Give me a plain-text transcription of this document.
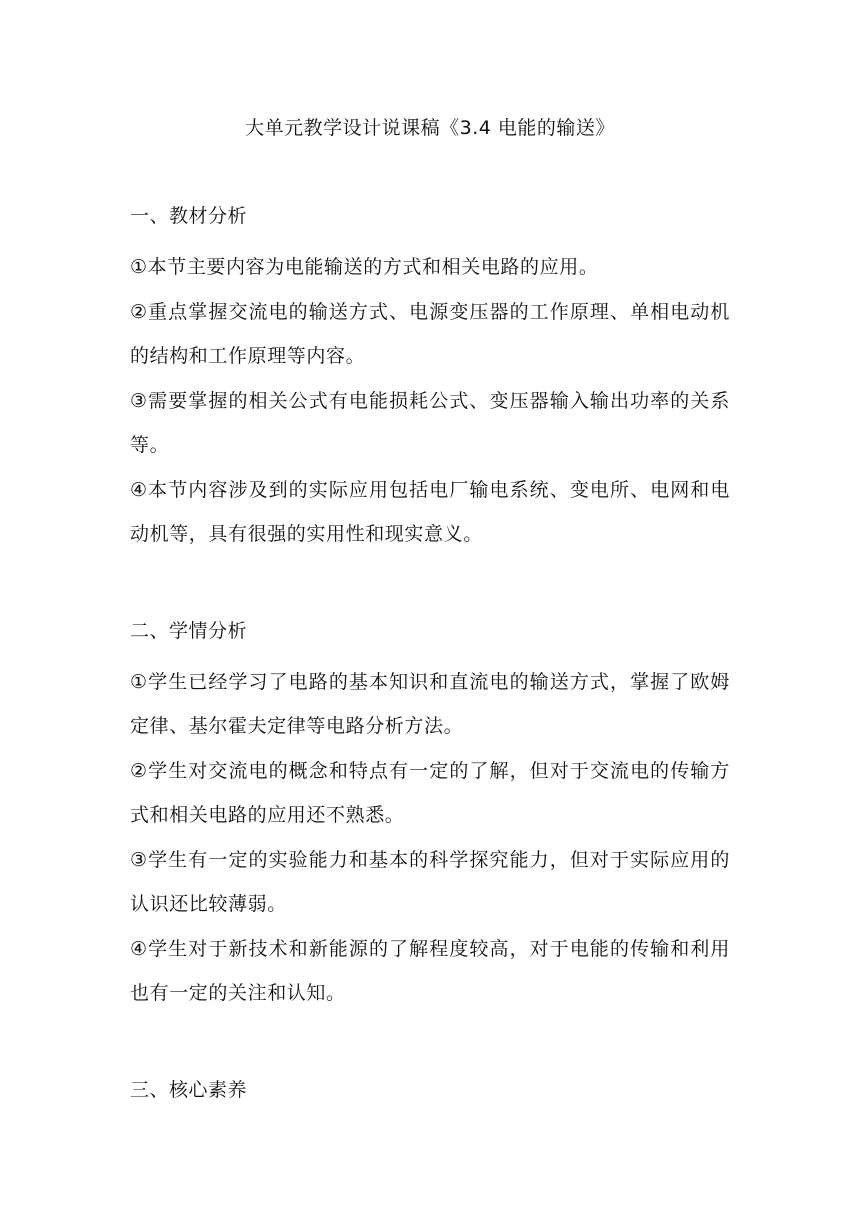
大单元教学设计说课稿《3.4 电能的输送》
一、教材分析

①本节主要内容为电能输送的方式和相关电路的应用。

②重点掌握交流电的输送方式、电源变压器的工作原理、单相电动机的结构和工作原理等内容。

③需要掌握的相关公式有电能损耗公式、变压器输入输出功率的关系等。

④本节内容涉及到的实际应用包括电厂输电系统、变电所、电网和电动机等，具有很强的实用性和现实意义。

二、学情分析

①学生已经学习了电路的基本知识和直流电的输送方式，掌握了欧姆定律、基尔霍夫定律等电路分析方法。

②学生对交流电的概念和特点有一定的了解，但对于交流电的传输方式和相关电路的应用还不熟悉。

③学生有一定的实验能力和基本的科学探究能力，但对于实际应用的认识还比较薄弱。

④学生对于新技术和新能源的了解程度较高，对于电能的传输和利用也有一定的关注和认知。

三、核心素养
